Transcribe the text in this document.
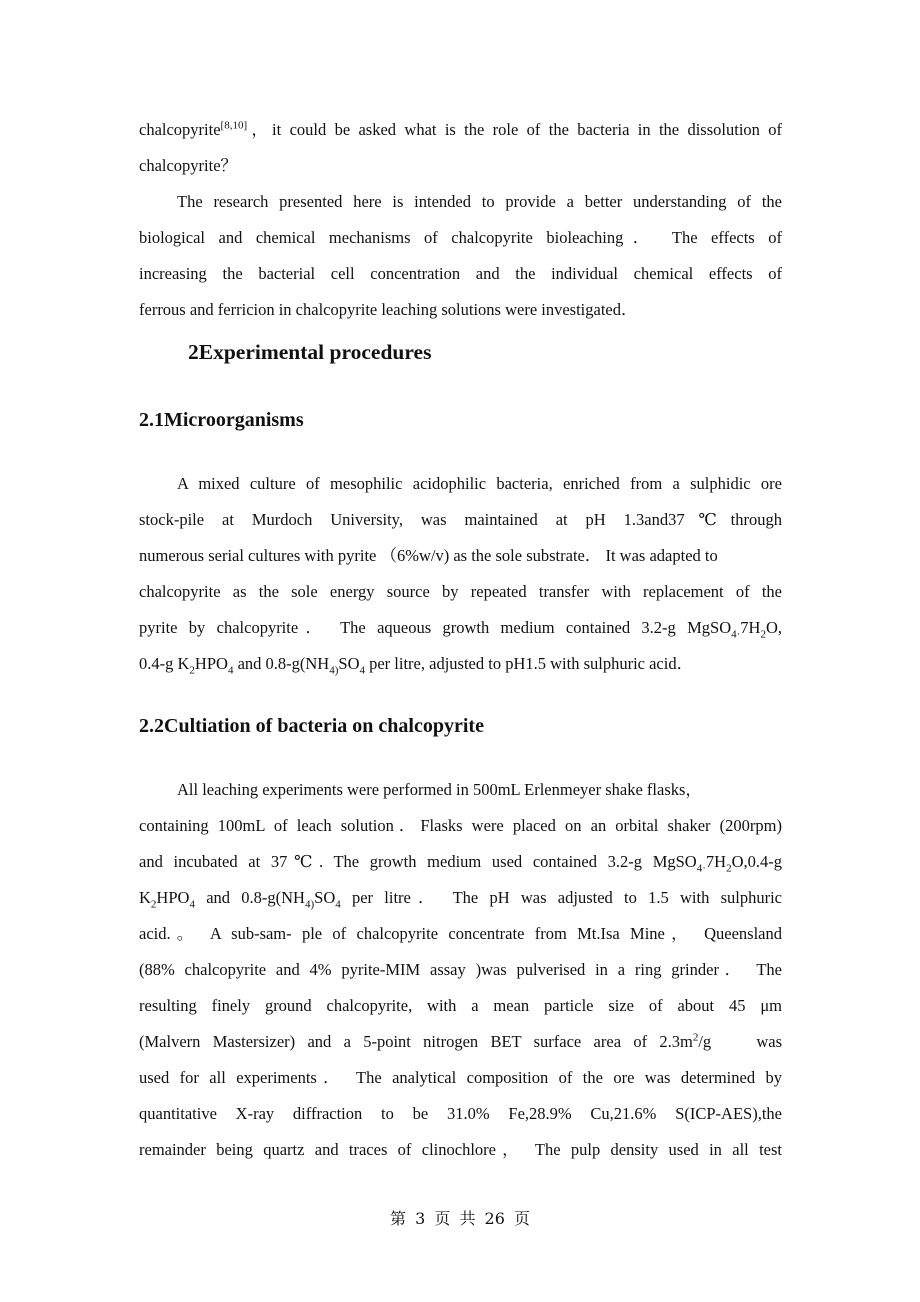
chalcopyrite[8,10]，it could be asked what is the role of the bacteria in the dissolution of
chalcopyrite？
The research presented here is intended to provide a better understanding of the
biological and chemical mechanisms of chalcopyrite bioleaching． The effects of
increasing the bacterial cell concentration and the individual chemical effects of
ferrous and ferricion in chalcopyrite leaching solutions were investigated．
2Experimental procedures
2.1Microorganisms
A mixed culture of mesophilic acidophilic bacteria, enriched from a sulphidic ore
stock-pile at Murdoch University, was maintained at pH 1.3and37℃through
numerous serial cultures with pyrite （6%w/v) as the sole substrate． It was adapted to
chalcopyrite as the sole energy source by repeated transfer with replacement of the
pyrite by chalcopyrite． The aqueous growth medium contained 3.2-g $MgSO_{4\cdot}7H_2O$,
0.4-g $K_2HPO_4$ and $0.8-g(NH_{4)}SO_4$ per litre, adjusted to pH1.5 with sulphuric acid．
2.2Cultiation of bacteria on chalcopyrite
All leaching experiments were performed in 500mL Erlenmeyer shake flasks，
containing 100mL of leach solution．Flasks were placed on an orbital shaker (200rpm)
and incubated at 37℃. The growth medium used contained 3.2-g $MgSO_{4\cdot}7H_2O,0.4-g$
$K_2HPO_4$ and $0.8-g(NH_{4)}SO_4$ per litre． The pH was adjusted to 1.5 with sulphuric
acid.。 A sub-sam- ple of chalcopyrite concentrate from Mt.Isa Mine， Queensland
(88% chalcopyrite and 4% pyrite-MIM assay )was pulverised in a ring grinder． The
resulting finely ground chalcopyrite, with a mean particle size of about 45 μm
(Malvern Mastersizer) and a 5-point nitrogen BET surface area of $2.3m^2/g$　 was
used for all experiments． The analytical composition of the ore was determined by
quantitative X-ray diffraction to be 31.0% Fe,28.9% Cu,21.6% S(ICP-AES),the
remainder being quartz and traces of clinochlore， The pulp density used in all test
第 3 页 共 26 页
